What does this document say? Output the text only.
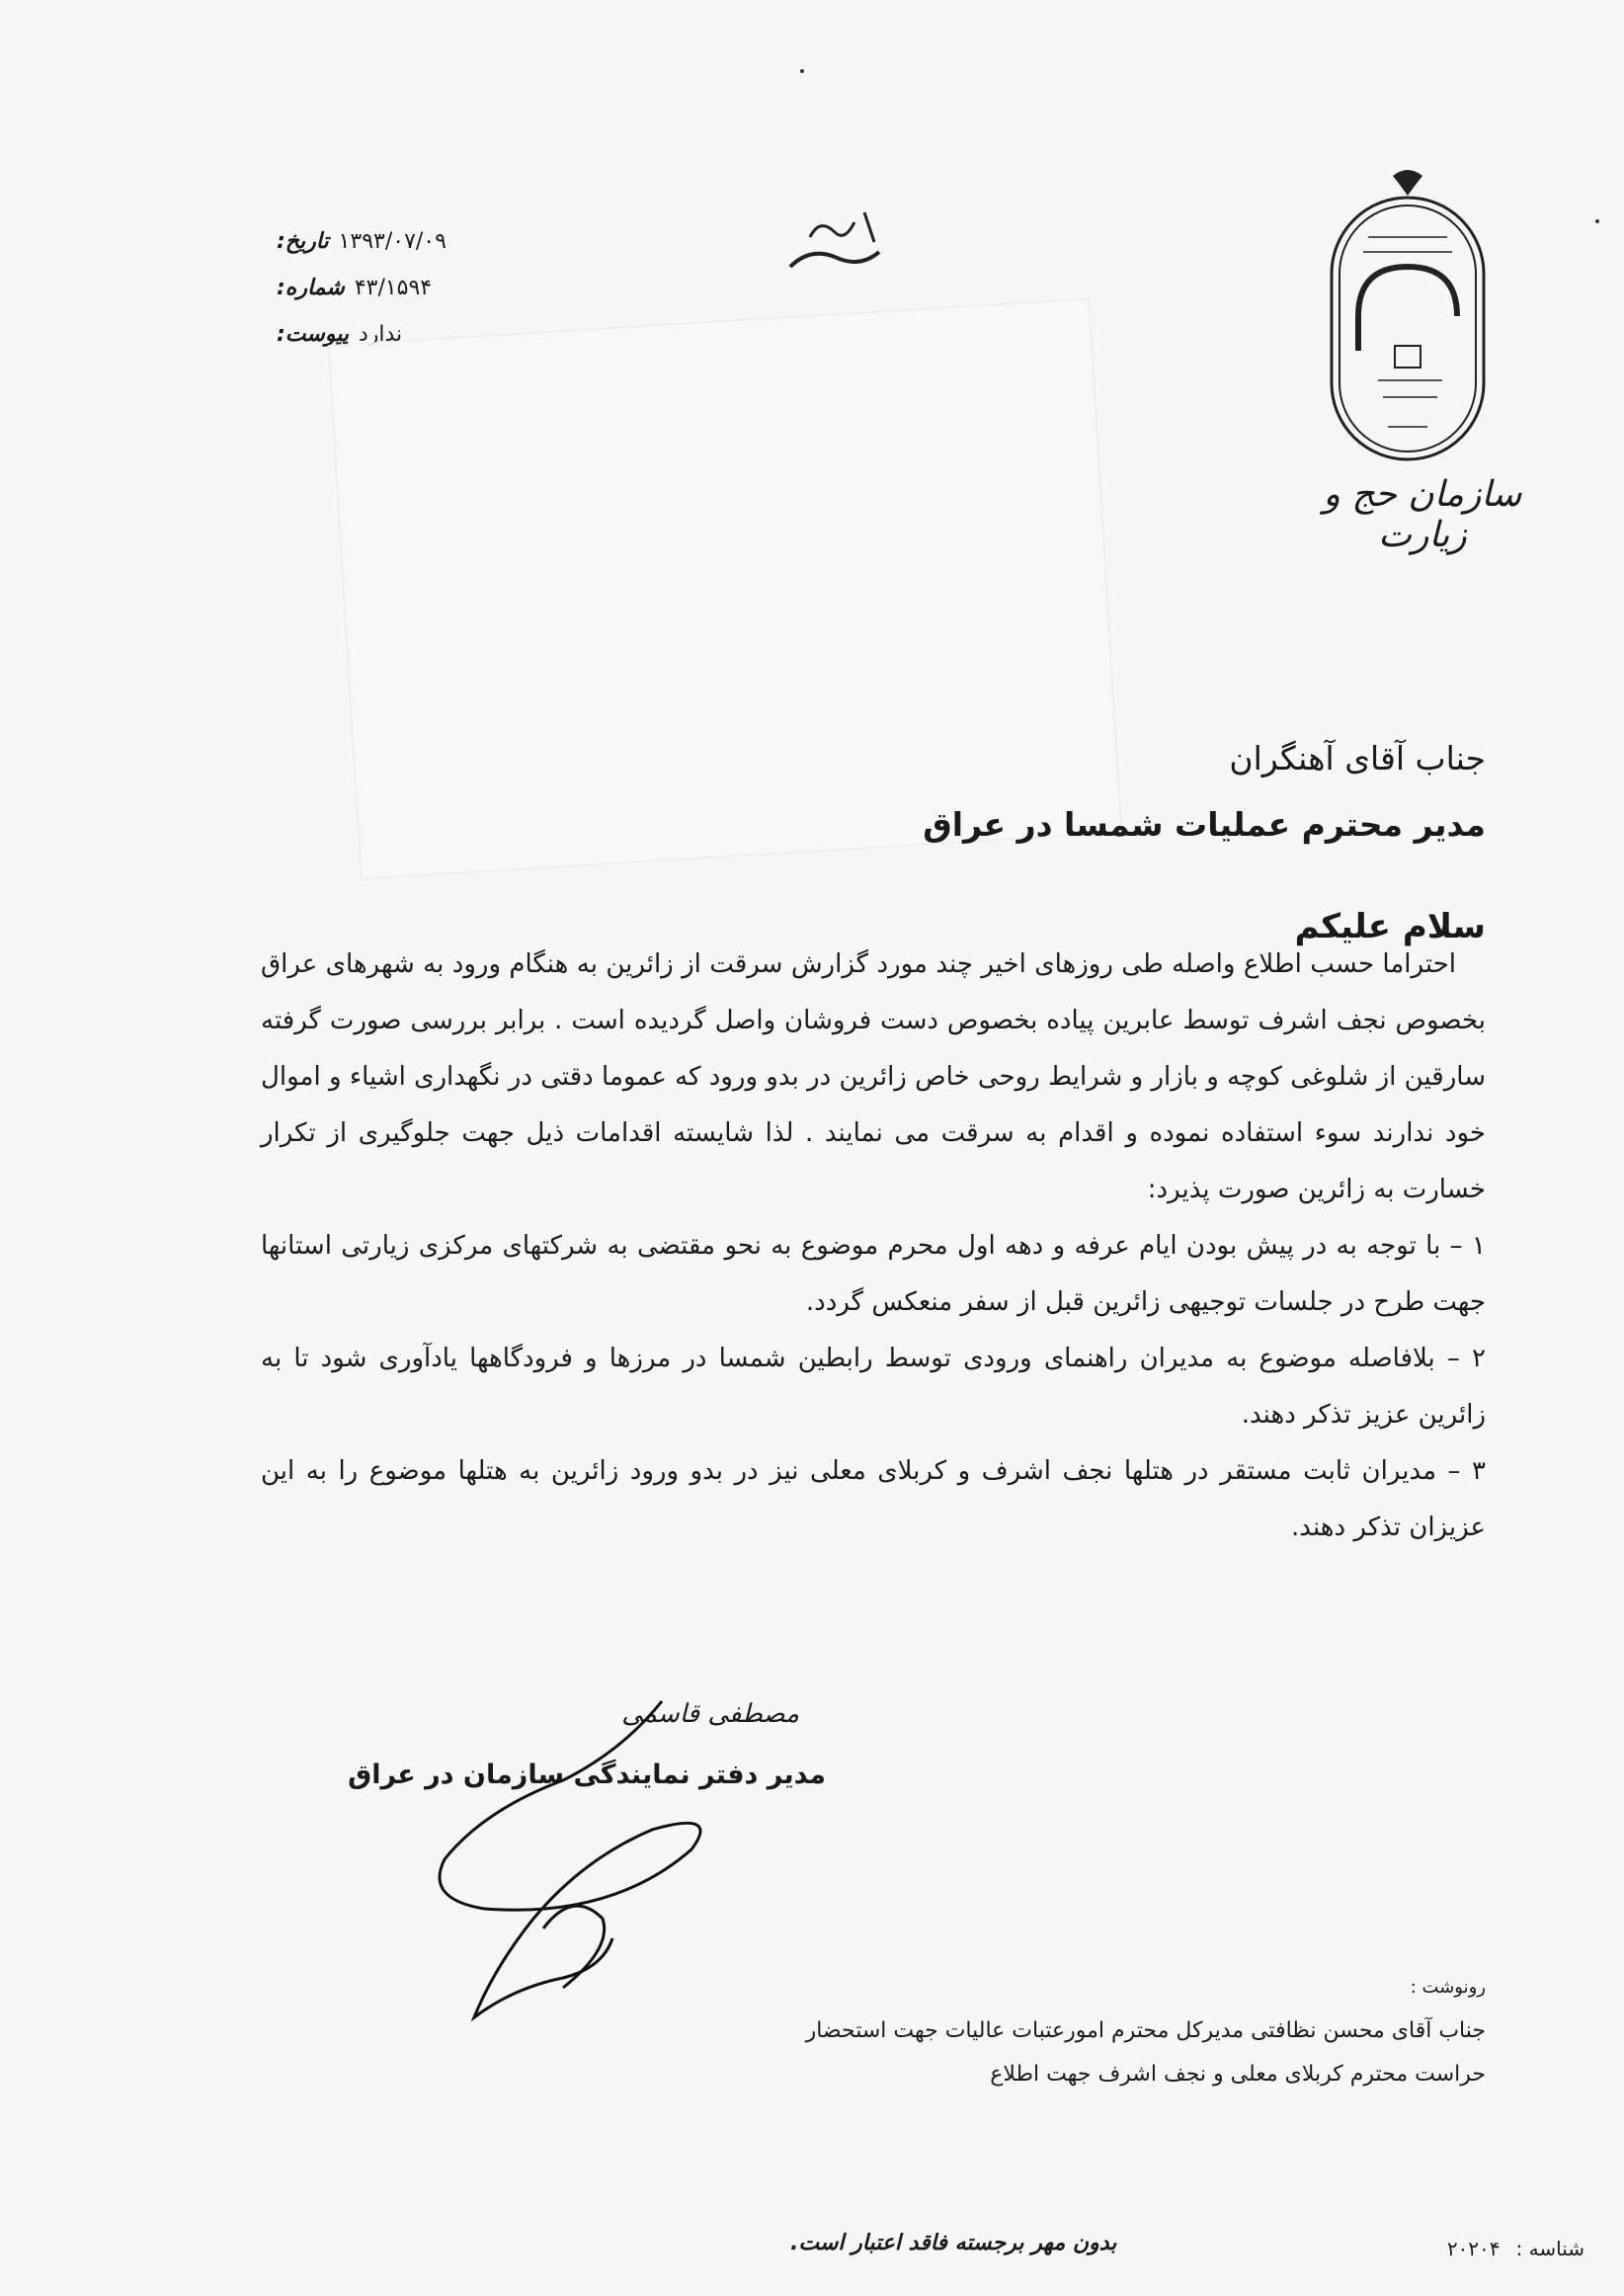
تاریخ: ۱۳۹۳/۰۷/۰۹
شماره: ۴۳/۱۵۹۴
پیوست: ندارد
سازمان حج و زیارت
جناب آقای آهنگران
مدیر محترم عملیات شمسا در عراق
سلام علیکم

احتراما حسب اطلاع واصله طی روزهای اخیر چند مورد گزارش سرقت از زائرین به هنگام ورود به شهرهای عراق بخصوص نجف اشرف توسط عابرین پیاده بخصوص دست فروشان واصل گردیده است . برابر بررسی صورت گرفته سارقین از شلوغی کوچه و بازار و شرایط روحی خاص زائرین در بدو ورود که عموما دقتی در نگهداری اشیاء و اموال خود ندارند سوء استفاده نموده و اقدام به سرقت می نمایند . لذا شایسته اقدامات ذیل جهت جلوگیری از تکرار خسارت به زائرین صورت پذیرد:

۱ – با توجه به در پیش بودن ایام عرفه و دهه اول محرم موضوع به نحو مقتضی به شرکتهای مرکزی زیارتی استانها جهت طرح در جلسات توجیهی زائرین قبل از سفر منعکس گردد.

۲ – بلافاصله موضوع به مدیران راهنمای ورودی توسط رابطین شمسا در مرزها و فرودگاهها یادآوری شود تا به زائرین عزیز تذکر دهند.

۳ – مدیران ثابت مستقر در هتلها نجف اشرف و کربلای معلی نیز در بدو ورود زائرین به هتلها موضوع را به این عزیزان تذکر دهند.

مصطفی قاسمی
مدیر دفتر نمایندگی سازمان در عراق
رونوشت :
جناب آقای محسن نظافتی مدیرکل محترم امورعتبات عالیات جهت استحضار
حراست محترم کربلای معلی و نجف اشرف جهت اطلاع
بدون مهر برجسته فاقد اعتبار است.	شناسه :
۲۰۲۰۴
